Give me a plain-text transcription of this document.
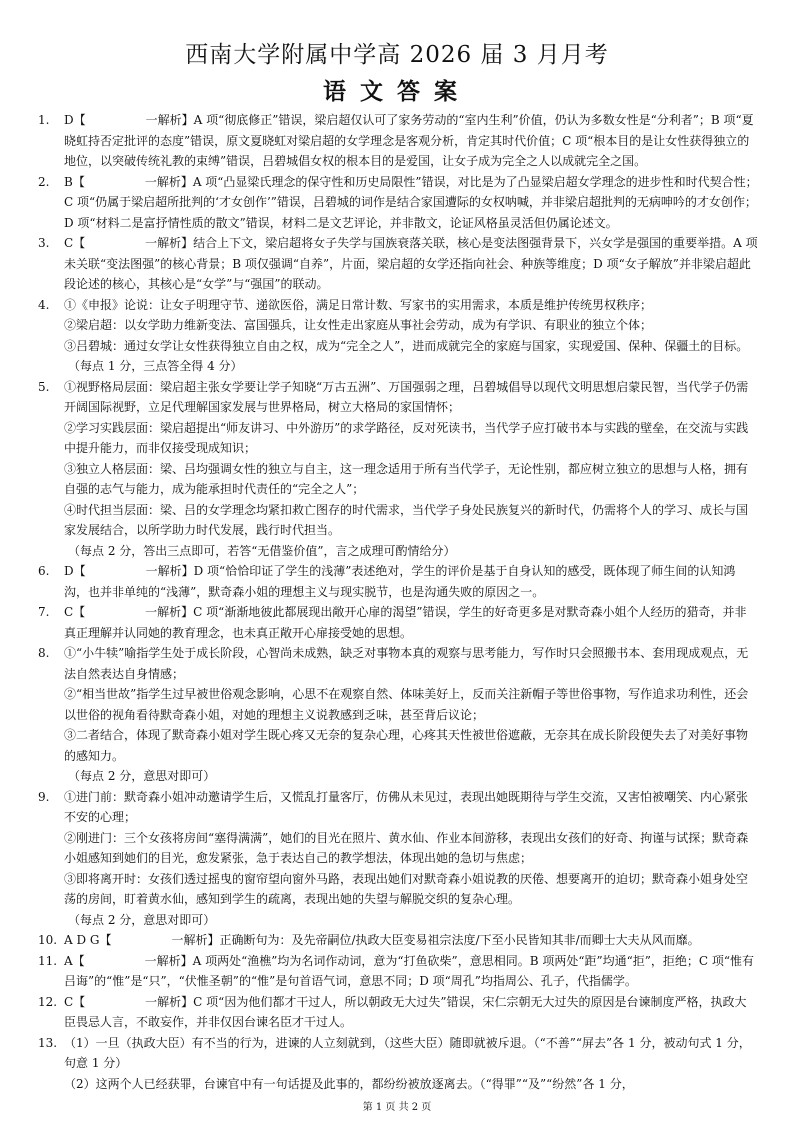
西南大学附属中学高 2026 届 3 月月考
语文答案
1. D【　　　　　一解析】A 项“彻底修正”错误，梁启超仅认可了家务劳动的“室内生利”价值，仍认为多数女性是“分利者”；B 项“夏晓虹持否定批评的态度”错误，原文夏晓虹对梁启超的女学理念是客观分析，肯定其时代价值；C 项“根本目的是让女性获得独立的地位，以突破传统礼教的束缚”错误，吕碧城倡女权的根本目的是爱国，让女子成为完全之人以成就完全之国。
2. B【　　　　　一解析】A 项“凸显梁氏理念的保守性和历史局限性”错误，对比是为了凸显梁启超女学理念的进步性和时代契合性；C 项“仍属于梁启超所批判的‘才女创作’”错误，吕碧城的词作是结合家国遭际的女权呐喊，并非梁启超批判的无病呻吟的才女创作；D 项“材料二是富抒情性质的散文”错误，材料二是文艺评论，并非散文，论证风格虽灵活但仍属论述文。
3. C【　　　　　一解析】结合上下文，梁启超将女子失学与国族衰落关联，核心是变法图强背景下，兴女学是强国的重要举措。A 项未关联“变法图强”的核心背景；B 项仅强调“自养”，片面，梁启超的女学还指向社会、种族等维度；D 项“女子解放”并非梁启超此段论述的核心，其核心是“女学”与“强国”的联动。
4. ①《申报》论说：让女子明理守节、递欲医俗，满足日常计数、写家书的实用需求，本质是维护传统男权秩序；
②梁启超：以女学助力维新变法、富国强兵，让女性走出家庭从事社会劳动，成为有学识、有职业的独立个体；
③吕碧城：通过女学让女性获得独立自由之权，成为“完全之人”，进而成就完全的家庭与国家，实现爱国、保种、保疆土的目标。
（每点 1 分，三点答全得 4 分）
5. ①视野格局层面：梁启超主张女学要让学子知晓“万古五洲”、万国强弱之理，吕碧城倡导以现代文明思想启蒙民智，当代学子仍需开阔国际视野，立足代理解国家发展与世界格局，树立大格局的家国情怀；
②学习实践层面：梁启超提出“师友讲习、中外游历”的求学路径，反对死读书，当代学子应打破书本与实践的壁垒，在交流与实践中提升能力，而非仅接受现成知识；
③独立人格层面：梁、吕均强调女性的独立与自主，这一理念适用于所有当代学子，无论性别，都应树立独立的思想与人格，拥有自强的志气与能力，成为能承担时代责任的“完全之人”；
④时代担当层面：梁、吕的女学理念均紧扣救亡图存的时代需求，当代学子身处民族复兴的新时代，仍需将个人的学习、成长与国家发展结合，以所学助力时代发展，践行时代担当。
（每点 2 分，答出三点即可，若答“无借鉴价值”，言之成理可酌情给分）
6. D【　　　　　一解析】D 项“恰恰印证了学生的浅薄”表述绝对，学生的评价是基于自身认知的感受，既体现了师生间的认知鸿沟，也并非单纯的“浅薄”，默奇森小姐的理想主义与现实脱节，也是沟通失败的原因之一。
7. C【　　　　　一解析】C 项“渐渐地彼此都展现出敞开心扉的渴望”错误，学生的好奇更多是对默奇森小姐个人经历的猎奇，并非真正理解并认同她的教育理念，也未真正敞开心扉接受她的思想。
8. ①“小牛犊”喻指学生处于成长阶段，心智尚未成熟，缺乏对事物本真的观察与思考能力，写作时只会照搬书本、套用现成观点，无法自然表达自身情感；
②“相当世故”指学生过早被世俗观念影响，心思不在观察自然、体味美好上，反而关注新帽子等世俗事物，写作追求功利性，还会以世俗的视角看待默奇森小姐，对她的理想主义说教感到乏味，甚至背后议论；
③二者结合，体现了默奇森小姐对学生既心疼又无奈的复杂心理，心疼其天性被世俗遮蔽，无奈其在成长阶段便失去了对美好事物的感知力。
（每点 2 分，意思对即可）
9. ①进门前：默奇森小姐冲动邀请学生后，又慌乱打量客厅，仿佛从未见过，表现出她既期待与学生交流，又害怕被嘲笑、内心紧张不安的心理；
②刚进门：三个女孩将房间“塞得满满”，她们的目光在照片、黄水仙、作业本间游移，表现出女孩们的好奇、拘谨与试探；默奇森小姐感知到她们的目光，愈发紧张，急于表达自己的教学想法，体现出她的急切与焦虑；
③即将离开时：女孩们透过摇曳的窗帘望向窗外马路，表现出她们对默奇森小姐说教的厌倦、想要离开的迫切；默奇森小姐身处空荡的房间，盯着黄水仙，感知到学生的疏离，表现出她的失望与解脱交织的复杂心理。
（每点 2 分，意思对即可）
10. A D G【　　　　　一解析】正确断句为：及先帝嗣位/执政大臣变易祖宗法度/下至小民皆知其非/而卿士大夫从风而靡。
11. A【　　　　　一解析】A 项两处“渔樵”均为名词作动词，意为“打鱼砍柴”，意思相同。B 项两处“距”均通“拒”，拒绝；C 项“惟有吕诲”的“惟”是“只”，“伏惟圣朝”的“惟”是句首语气词，意思不同；D 项“周孔”均指周公、孔子，代指儒学。
12. C【　　　　　一解析】C 项“因为他们都才干过人，所以朝政无大过失”错误，宋仁宗朝无大过失的原因是台谏制度严格，执政大臣畏忌人言，不敢妄作，并非仅因台谏名臣才干过人。
13. （1）一旦（执政大臣）有不当的行为，进谏的人立刻就到，（这些大臣）随即就被斥退。（“不善”“屏去”各 1 分，被动句式 1 分，句意 1 分）
（2）这两个人已经获罪，台谏官中有一句话提及此事的，都纷纷被放逐离去。（“得罪”“及”“纷然”各 1 分，
第 1 页 共 2 页
